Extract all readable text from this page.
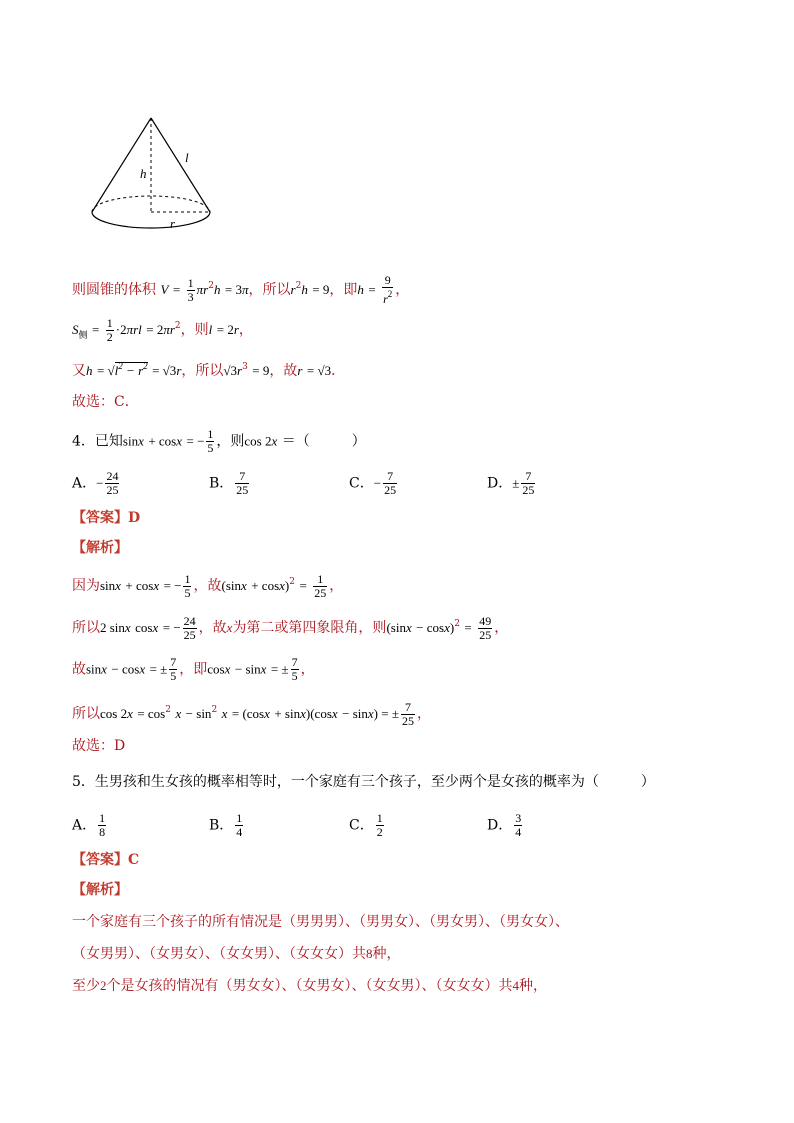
l
h
r
则圆锥的体积 $V = \frac{1}{3} \pi r^2h = 3\pi$，所以$r^2h = 9$，即$h = \frac{9}{r^2}$ ，
$S_侧 = \frac{1}{2} \cdot 2\pi rl = 2\pi r^2$，则l = 2r，
又$h = √l^2 - r^2 = √3r$，所以$√3r^3 = 9$，故r = √3．
故选：C．
4．已知sinx + cosx = − $\frac{1}{5}$ ，则cos 2x ＝（　　　）
A．− $\frac{24}{25}$	B． $\frac{7}{25}$	C．− $\frac{7}{25}$	D．± $\frac{7}{25}$
【答案】D
【解析】
因为sinx + cosx = − $\frac{1}{5}$ ，故$(\sin x + \cos x)^2 = \frac{1}{25}$ ，
所以2 sinx cosx = − $\frac{24}{25}$ ，故x为第二或第四象限角，则$(\sin x - \cos x)^2 = \frac{49}{25}$ ，
故sinx − cosx = ± $\frac{7}{5}$ ，即cosx − sinx = ± $\frac{7}{5}$ ，
所以$\cos 2x = \cos^2 x - \sin^2 x = (\cos x + \sin x)(\cos x - \sin x)$ = ± $\frac{7}{25}$ ，
故选：D
5．生男孩和生女孩的概率相等时，一个家庭有三个孩子，至少两个是女孩的概率为（　　　）
A． $\frac{1}{8}$	B． $\frac{1}{4}$	C． $\frac{1}{2}$	D． $\frac{3}{4}$
【答案】C
【解析】
一个家庭有三个孩子的所有情况是（男男男）、（男男女）、（男女男）、（男女女）、
（女男男）、（女男女）、（女女男）、（女女女）共8种，
至少2个是女孩的情况有（男女女）、（女男女）、（女女男）、（女女女）共4种，
